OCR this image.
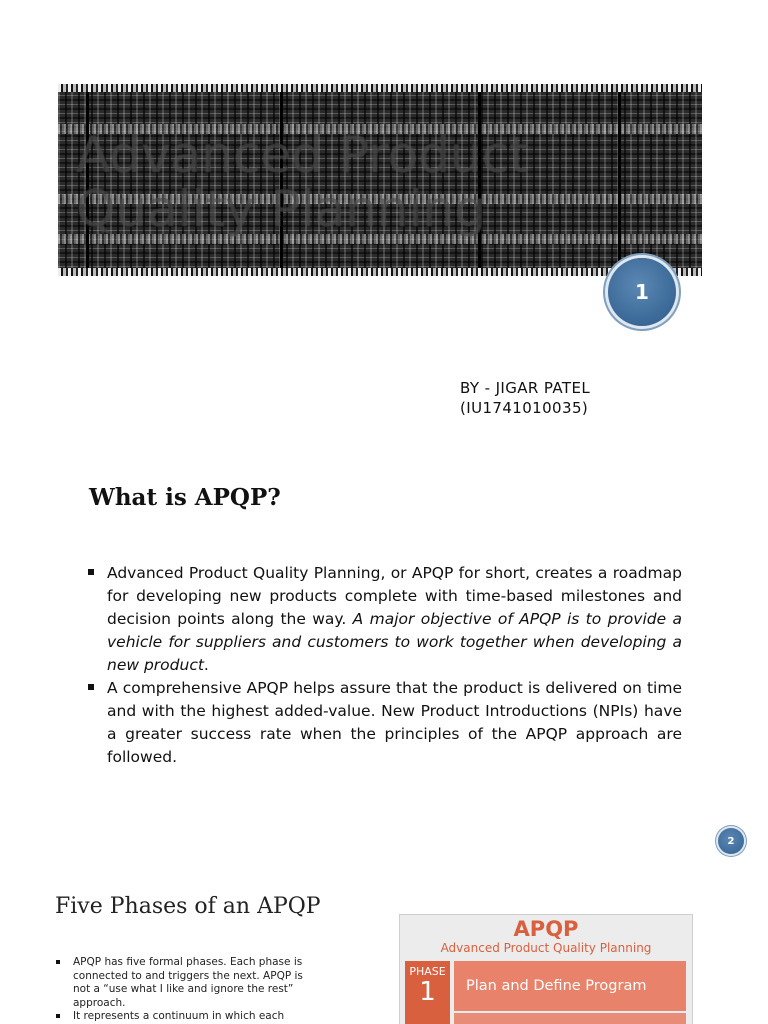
Advanced Product
Quality Planning
1
BY - JIGAR PATEL
(IU1741010035)
What is APQP?
Advanced Product Quality Planning, or APQP for short, creates a roadmap for developing new products complete with time-based milestones and decision points along the way. A major objective of APQP is to provide a vehicle for suppliers and customers to work together when developing a new product.
A comprehensive APQP helps assure that the product is delivered on time and with the highest added-value. New Product Introductions (NPIs) have a greater success rate when the principles of the APQP approach are followed.
2
Five Phases of an APQP
APQP has five formal phases. Each phase is connected to and triggers the next. APQP is not a “use what I like and ignore the rest” approach.
It represents a continuum in which each
APQP
Advanced Product Quality Planning
PHASE
1	Plan and Define Program
